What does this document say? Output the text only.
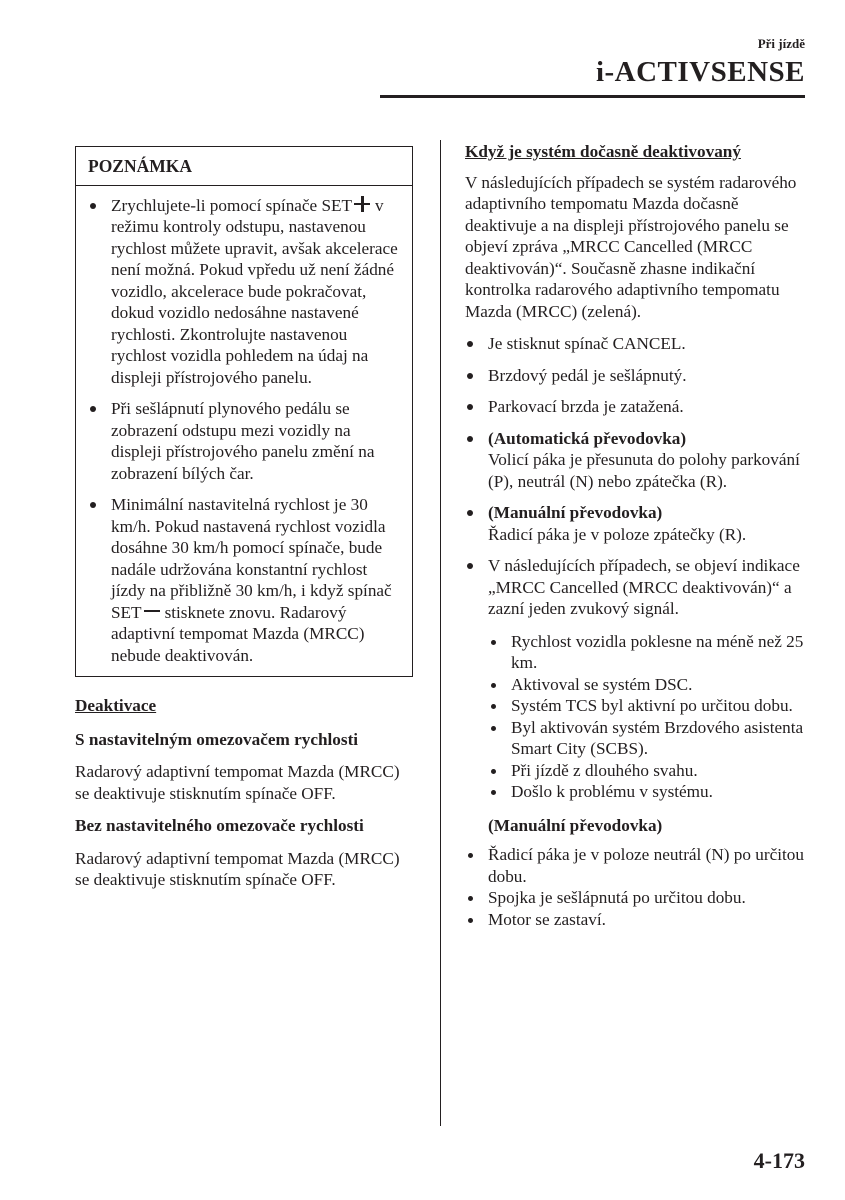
Při jízdě
i-ACTIVSENSE
POZNÁMKA
Zrychlujete-li pomocí spínače SET v režimu kontroly odstupu, nastavenou rychlost můžete upravit, avšak akcelerace není možná. Pokud vpředu už není žádné vozidlo, akcelerace bude pokračovat, dokud vozidlo nedosáhne nastavené rychlosti. Zkontrolujte nastavenou rychlost vozidla pohledem na údaj na displeji přístrojového panelu.
Při sešlápnutí plynového pedálu se zobrazení odstupu mezi vozidly na displeji přístrojového panelu změní na zobrazení bílých čar.
Minimální nastavitelná rychlost je 30 km/h. Pokud nastavená rychlost vozidla dosáhne 30 km/h pomocí spínače, bude nadále udržována konstantní rychlost jízdy na přibližně 30 km/h, i když spínač SET stisknete znovu. Radarový adaptivní tempomat Mazda (MRCC) nebude deaktivován.
Deaktivace
S nastavitelným omezovačem rychlosti

Radarový adaptivní tempomat Mazda (MRCC) se deaktivuje stisknutím spínače OFF.

Bez nastavitelného omezovače rychlosti

Radarový adaptivní tempomat Mazda (MRCC) se deaktivuje stisknutím spínače OFF.

Když je systém dočasně deaktivovaný

V následujících případech se systém radarového adaptivního tempomatu Mazda dočasně deaktivuje a na displeji přístrojového panelu se objeví zpráva „MRCC Cancelled (MRCC deaktivován)“. Současně zhasne indikační kontrolka radarového adaptivního tempomatu Mazda (MRCC) (zelená).

Je stisknut spínač CANCEL.
Brzdový pedál je sešlápnutý.
Parkovací brzda je zatažená.
(Automatická převodovka)
Volicí páka je přesunuta do polohy parkování (P), neutrál (N) nebo zpátečka (R).
(Manuální převodovka)
Řadicí páka je v poloze zpátečky (R).
V následujících případech, se objeví indikace „MRCC Cancelled (MRCC deaktivován)“ a zazní jeden zvukový signál.
Rychlost vozidla poklesne na méně než 25 km.
Aktivoval se systém DSC.
Systém TCS byl aktivní po určitou dobu.
Byl aktivován systém Brzdového asistenta Smart City (SCBS).
Při jízdě z dlouhého svahu.
Došlo k problému v systému.
(Manuální převodovka)
Řadicí páka je v poloze neutrál (N) po určitou dobu.
Spojka je sešlápnutá po určitou dobu.
Motor se zastaví.
4-173
